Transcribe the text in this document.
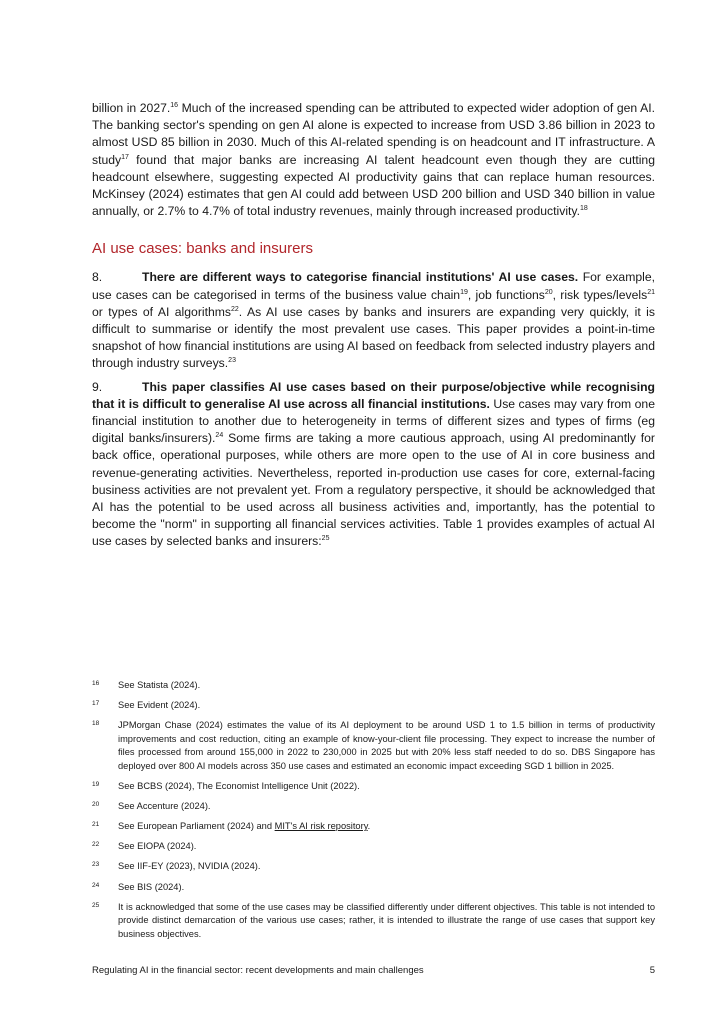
billion in 2027.16 Much of the increased spending can be attributed to expected wider adoption of gen AI. The banking sector's spending on gen AI alone is expected to increase from USD 3.86 billion in 2023 to almost USD 85 billion in 2030. Much of this AI-related spending is on headcount and IT infrastructure. A study$^{17}$ found that major banks are increasing AI talent headcount even though they are cutting headcount elsewhere, suggesting expected AI productivity gains that can replace human resources. McKinsey (2024) estimates that gen AI could add between USD 200 billion and USD 340 billion in value annually, or 2.7% to 4.7% of total industry revenues, mainly through increased productivity.$^{18}$

AI use cases: banks and insurers

8.	There are different ways to categorise financial institutions' AI use cases. For example, use cases can be categorised in terms of the business value chain$^{19}$, job functions$^{20}$, risk types/levels$^{21}$ or types of AI algorithms$^{22}$. As AI use cases by banks and insurers are expanding very quickly, it is difficult to summarise or identify the most prevalent use cases. This paper provides a point-in-time snapshot of how financial institutions are using AI based on feedback from selected industry players and through industry surveys.$^{23}$

9.	This paper classifies AI use cases based on their purpose/objective while recognising that it is difficult to generalise AI use across all financial institutions. Use cases may vary from one financial institution to another due to heterogeneity in terms of different sizes and types of firms (eg digital banks/insurers).$^{24}$ Some firms are taking a more cautious approach, using AI predominantly for back office, operational purposes, while others are more open to the use of AI in core business and revenue-generating activities. Nevertheless, reported in-production use cases for core, external-facing business activities are not prevalent yet. From a regulatory perspective, it should be acknowledged that AI has the potential to be used across all business activities and, importantly, has the potential to become the "norm" in supporting all financial services activities. Table 1 provides examples of actual AI use cases by selected banks and insurers:$^{25}$

16	See Statista (2024).
17	See Evident (2024).
18	JPMorgan Chase (2024) estimates the value of its AI deployment to be around USD 1 to 1.5 billion in terms of productivity improvements and cost reduction, citing an example of know-your-client file processing. They expect to increase the number of files processed from around 155,000 in 2022 to 230,000 in 2025 but with 20% less staff needed to do so. DBS Singapore has deployed over 800 AI models across 350 use cases and estimated an economic impact exceeding SGD 1 billion in 2025.
19	See BCBS (2024), The Economist Intelligence Unit (2022).
20	See Accenture (2024).
21	See European Parliament (2024) and MIT's AI risk repository.
22	See EIOPA (2024).
23	See IIF-EY (2023), NVIDIA (2024).
24	See BIS (2024).
25	It is acknowledged that some of the use cases may be classified differently under different objectives. This table is not intended to provide distinct demarcation of the various use cases; rather, it is intended to illustrate the range of use cases that support key business objectives.
Regulating AI in the financial sector: recent developments and main challenges	5
